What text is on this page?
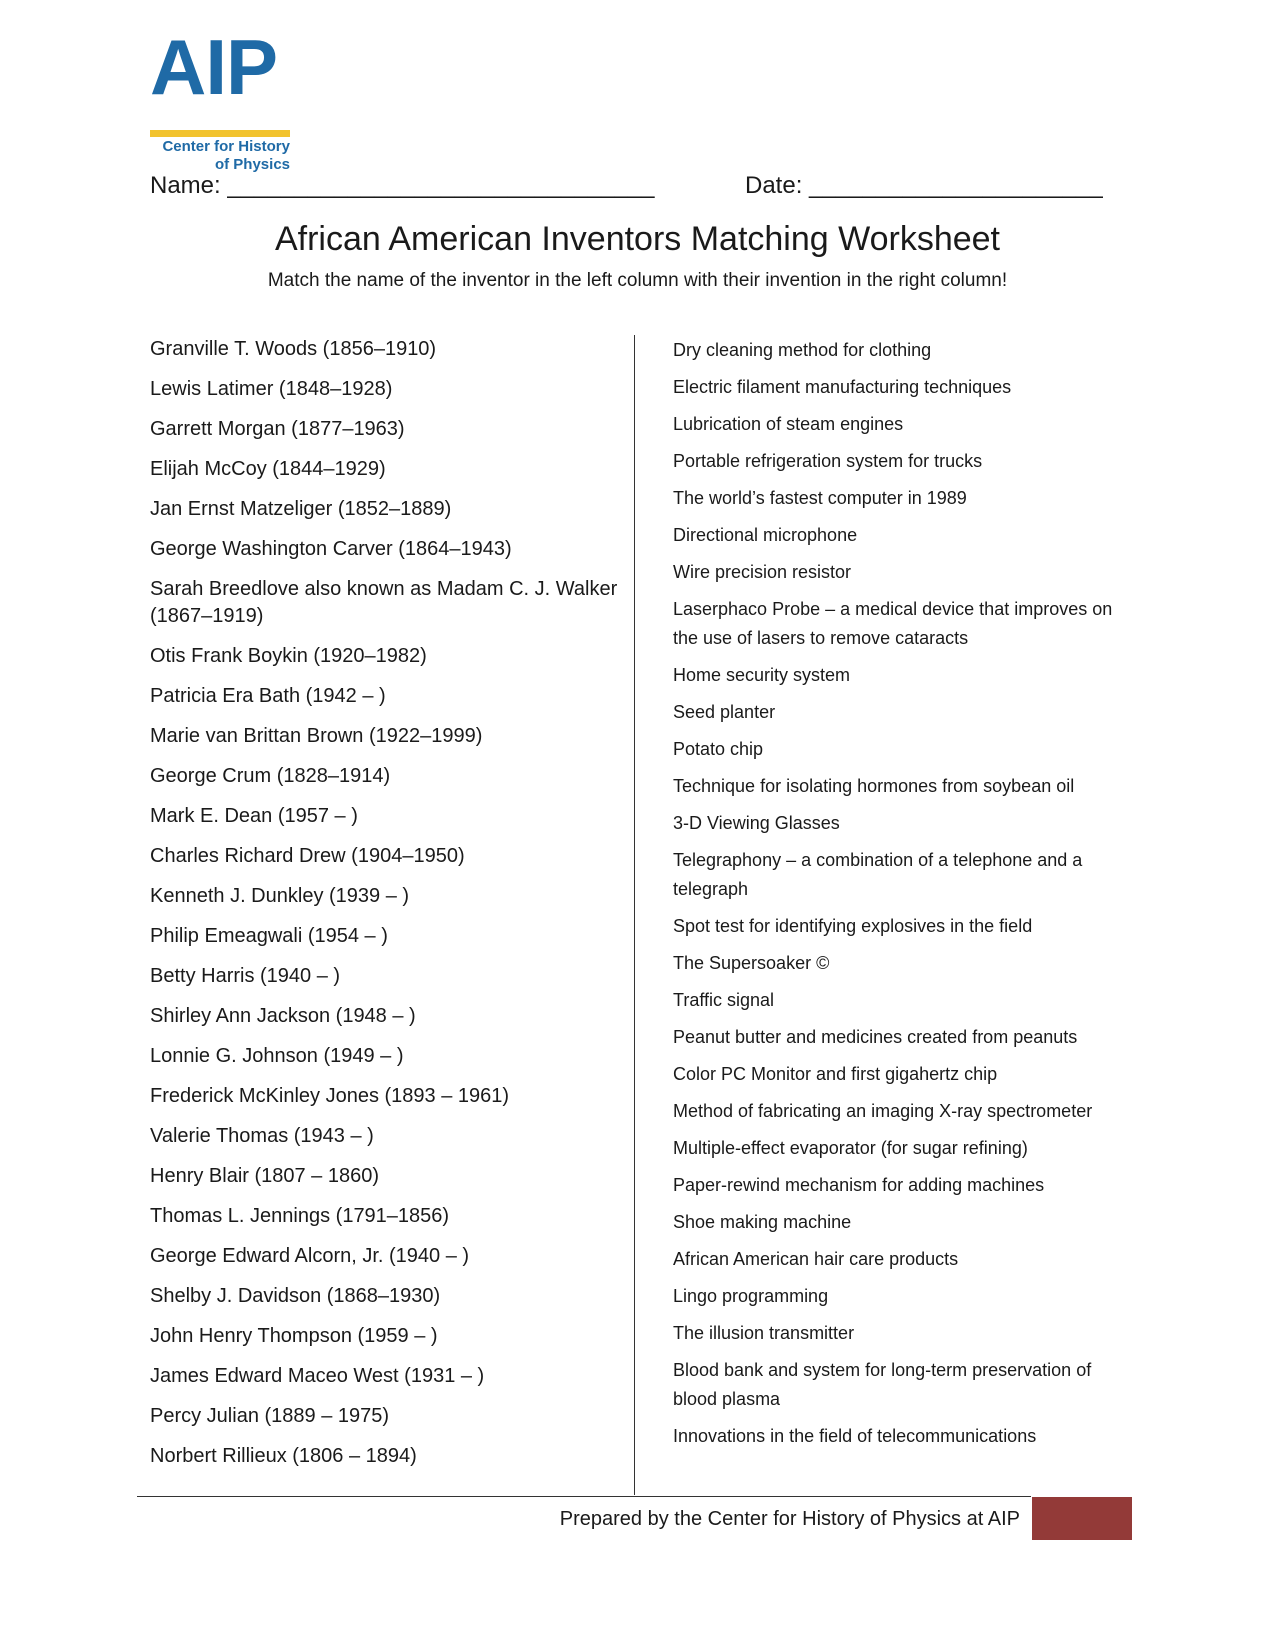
AIP
Center for History
of Physics
Name: ________________________________	Date: ______________________
African American Inventors Matching Worksheet
Match the name of the inventor in the left column with their invention in the right column!
Granville T. Woods (1856–1910)
Lewis Latimer (1848–1928)
Garrett Morgan (1877–1963)
Elijah McCoy (1844–1929)
Jan Ernst Matzeliger (1852–1889)
George Washington Carver (1864–1943)
Sarah Breedlove also known as Madam C. J. Walker (1867–1919)
Otis Frank Boykin (1920–1982)
Patricia Era Bath (1942 – )
Marie van Brittan Brown (1922–1999)
George Crum (1828–1914)
Mark E. Dean (1957 – )
Charles Richard Drew (1904–1950)
Kenneth J. Dunkley (1939 – )
Philip Emeagwali (1954 – )
Betty Harris (1940 – )
Shirley Ann Jackson (1948 – )
Lonnie G. Johnson (1949 – )
Frederick McKinley Jones (1893 – 1961)
Valerie Thomas (1943 – )
Henry Blair (1807 – 1860)
Thomas L. Jennings (1791–1856)
George Edward Alcorn, Jr. (1940 – )
Shelby J. Davidson (1868–1930)
John Henry Thompson (1959 – )
James Edward Maceo West (1931 – )
Percy Julian (1889 – 1975)
Norbert Rillieux (1806 – 1894)
Dry cleaning method for clothing
Electric filament manufacturing techniques
Lubrication of steam engines
Portable refrigeration system for trucks
The world’s fastest computer in 1989
Directional microphone
Wire precision resistor
Laserphaco Probe – a medical device that improves on the use of lasers to remove cataracts
Home security system
Seed planter
Potato chip
Technique for isolating hormones from soybean oil
3-D Viewing Glasses
Telegraphony – a combination of a telephone and a telegraph
Spot test for identifying explosives in the field
The Supersoaker ©
Traffic signal
Peanut butter and medicines created from peanuts
Color PC Monitor and first gigahertz chip
Method of fabricating an imaging X-ray spectrometer
Multiple-effect evaporator (for sugar refining)
Paper-rewind mechanism for adding machines
Shoe making machine
African American hair care products
Lingo programming
The illusion transmitter
Blood bank and system for long-term preservation of blood plasma
Innovations in the field of telecommunications
Prepared by the Center for History of Physics at AIP
